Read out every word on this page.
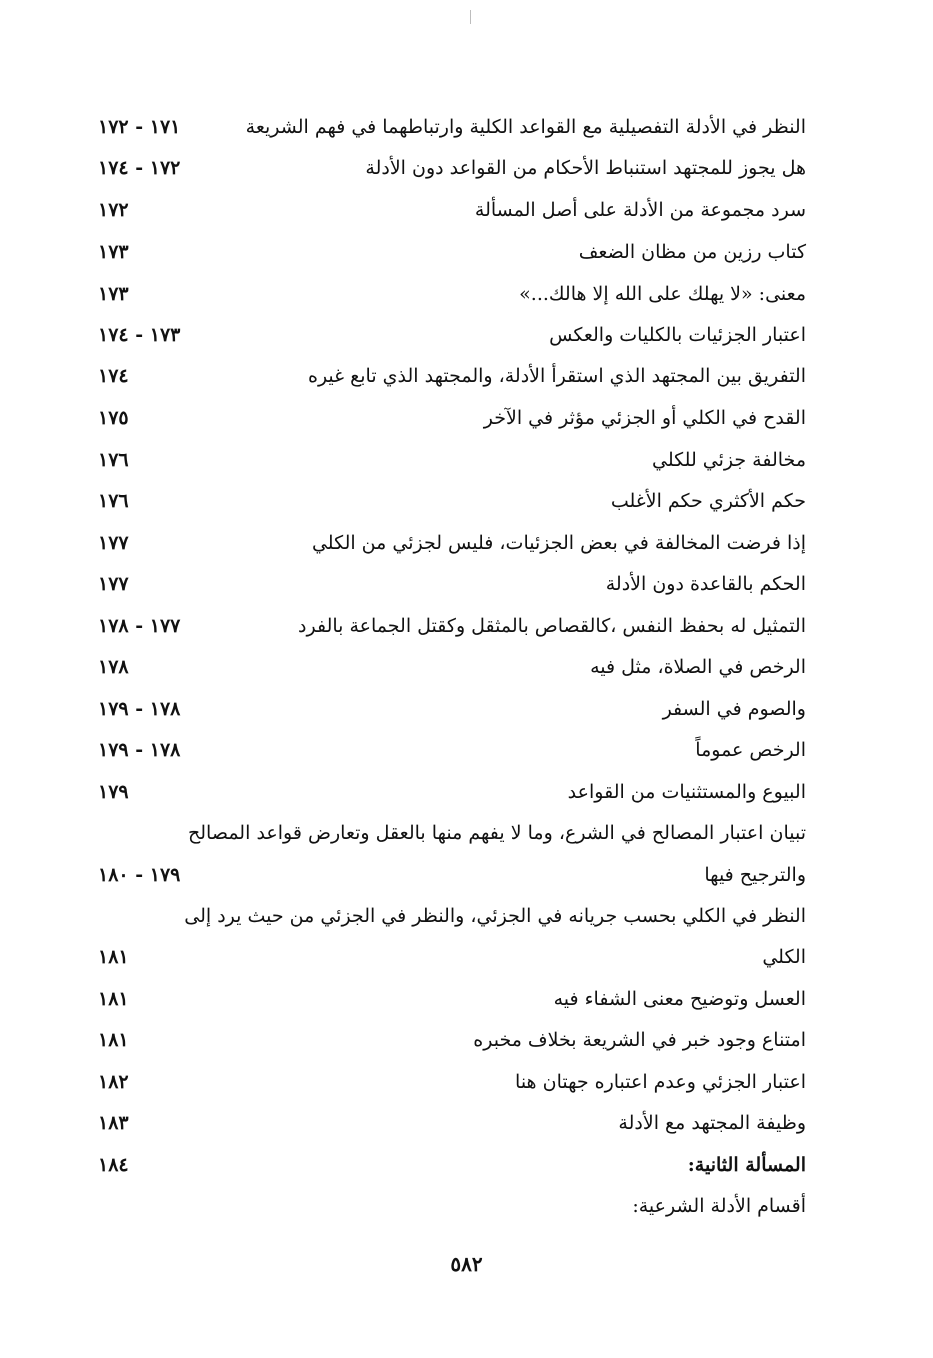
النظر في الأدلة التفصيلية مع القواعد الكلية وارتباطهما في فهم الشريعة
١٧١ - ١٧٢
هل يجوز للمجتهد استنباط الأحكام من القواعد دون الأدلة
١٧٢ - ١٧٤
سرد مجموعة من الأدلة على أصل المسألة
١٧٢
كتاب رزين من مظان الضعف
١٧٣
معنى: «لا يهلك على الله إلا هالك...»
١٧٣
اعتبار الجزئيات بالكليات والعكس
١٧٣ - ١٧٤
التفريق بين المجتهد الذي استقرأ الأدلة، والمجتهد الذي تابع غيره
١٧٤
القدح في الكلي أو الجزئي مؤثر في الآخر
١٧٥
مخالفة جزئي للكلي
١٧٦
حكم الأكثري حكم الأغلب
١٧٦
إذا فرضت المخالفة في بعض الجزئيات، فليس لجزئي من الكلي
١٧٧
الحكم بالقاعدة دون الأدلة
١٧٧
التمثيل له بحفظ النفس ،كالقصاص بالمثقل وكقتل الجماعة بالفرد
١٧٧ - ١٧٨
الرخص في الصلاة، مثل فيه
١٧٨
والصوم في السفر
١٧٨ - ١٧٩
الرخص عموماً
١٧٨ - ١٧٩
البيوع والمستثنيات من القواعد
١٧٩
تبيان اعتبار المصالح في الشرع، وما لا يفهم منها بالعقل وتعارض قواعد المصالح
والترجيح فيها
١٧٩ - ١٨٠
النظر في الكلي بحسب جريانه في الجزئي، والنظر في الجزئي من حيث يرد إلى
الكلي
١٨١
العسل وتوضيح معنى الشفاء فيه
١٨١
امتناع وجود خبر في الشريعة بخلاف مخبره
١٨١
اعتبار الجزئي وعدم اعتباره جهتان هنا
١٨٢
وظيفة المجتهد مع الأدلة
١٨٣
المسألة الثانية:
١٨٤
أقسام الأدلة الشرعية:
٥٨٢
